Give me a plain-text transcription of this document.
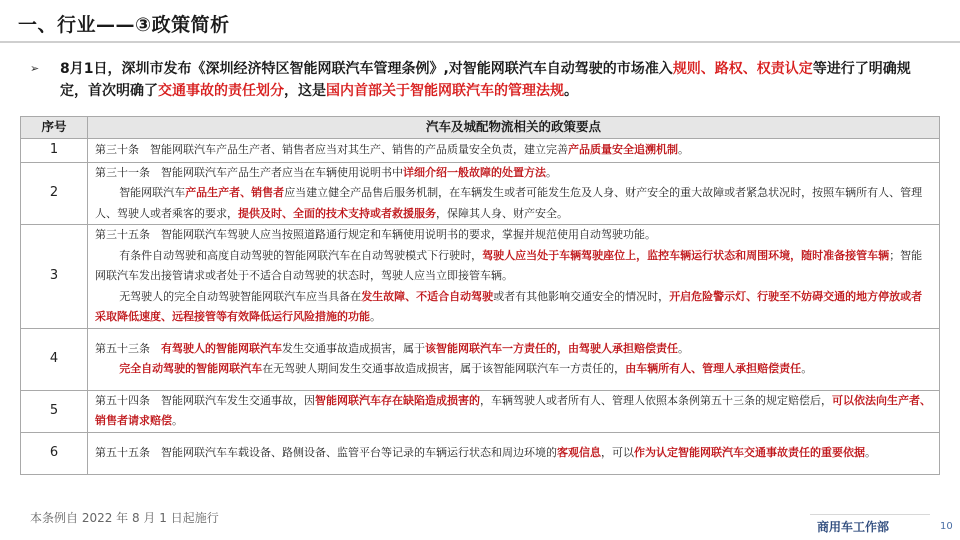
一、行业——③政策简析
➢ 8月1日，深圳市发布《深圳经济特区智能网联汽车管理条例》,对智能网联汽车自动驾驶的市场准入规则、路权、权责认定等进行了明确规定，首次明确了交通事故的责任划分，这是国内首部关于智能网联汽车的管理法规。

序号	汽车及城配物流相关的政策要点
1	第三十条　智能网联汽车产品生产者、销售者应当对其生产、销售的产品质量安全负责，建立完善产品质量安全追溯机制。

2	第三十一条　智能网联汽车产品生产者应当在车辆使用说明书中详细介绍一般故障的处置方法。

智能网联汽车产品生产者、销售者应当建立健全产品售后服务机制，在车辆发生或者可能发生危及人身、财产安全的重大故障或者紧急状况时，按照车辆所有人、管理人、驾驶人或者乘客的要求，提供及时、全面的技术支持或者救援服务，保障其人身、财产安全。

3	第三十五条　智能网联汽车驾驶人应当按照道路通行规定和车辆使用说明书的要求，掌握并规范使用自动驾驶功能。

有条件自动驾驶和高度自动驾驶的智能网联汽车在自动驾驶模式下行驶时，驾驶人应当处于车辆驾驶座位上，监控车辆运行状态和周围环境，随时准备接管车辆；智能网联汽车发出接管请求或者处于不适合自动驾驶的状态时，驾驶人应当立即接管车辆。

无驾驶人的完全自动驾驶智能网联汽车应当具备在发生故障、不适合自动驾驶或者有其他影响交通安全的情况时，开启危险警示灯、行驶至不妨碍交通的地方停放或者采取降低速度、远程接管等有效降低运行风险措施的功能。

4	第五十三条　有驾驶人的智能网联汽车发生交通事故造成损害，属于该智能网联汽车一方责任的，由驾驶人承担赔偿责任。

完全自动驾驶的智能网联汽车在无驾驶人期间发生交通事故造成损害，属于该智能网联汽车一方责任的，由车辆所有人、管理人承担赔偿责任。

5	第五十四条　智能网联汽车发生交通事故，因智能网联汽车存在缺陷造成损害的，车辆驾驶人或者所有人、管理人依照本条例第五十三条的规定赔偿后，可以依法向生产者、销售者请求赔偿。

6	第五十五条　智能网联汽车车载设备、路侧设备、监管平台等记录的车辆运行状态和周边环境的客观信息，可以作为认定智能网联汽车交通事故责任的重要依据。

本条例自 2022 年 8 月 1 日起施行
商用车工作部	10
